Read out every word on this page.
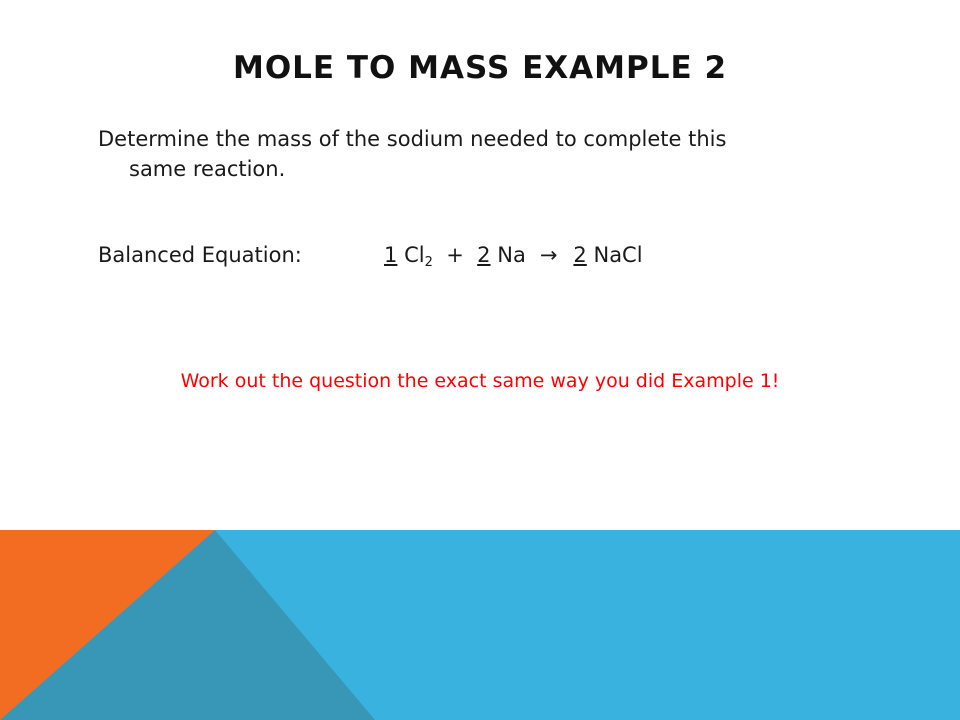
MOLE TO MASS EXAMPLE 2
Determine the mass of the sodium needed to complete this
same reaction.
Balanced Equation:	1 $Cl_2 + 2$ Na → 2 NaCl
Work out the question the exact same way you did Example 1!
